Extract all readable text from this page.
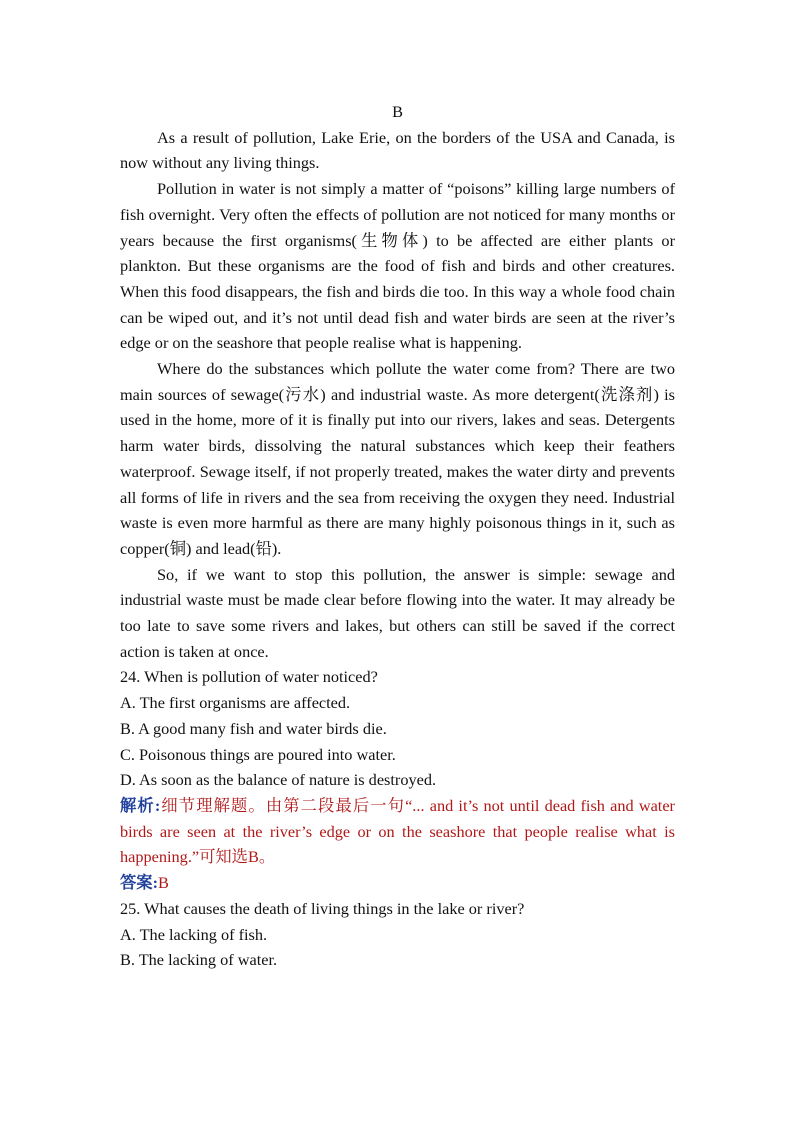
B

As a result of pollution, Lake Erie, on the borders of the USA and Canada, is now without any living things.

Pollution in water is not simply a matter of “poisons” killing large numbers of fish overnight. Very often the effects of pollution are not noticed for many months or years because the first organisms(生物体) to be affected are either plants or plankton. But these organisms are the food of fish and birds and other creatures. When this food disappears, the fish and birds die too. In this way a whole food chain can be wiped out, and it’s not until dead fish and water birds are seen at the river’s edge or on the seashore that people realise what is happening.

Where do the substances which pollute the water come from? There are two main sources of sewage(污水) and industrial waste. As more detergent(洗涤剂) is used in the home, more of it is finally put into our rivers, lakes and seas. Detergents harm water birds, dissolving the natural substances which keep their feathers waterproof. Sewage itself, if not properly treated, makes the water dirty and prevents all forms of life in rivers and the sea from receiving the oxygen they need. Industrial waste is even more harmful as there are many highly poisonous things in it, such as copper(铜) and lead(铅).

So, if we want to stop this pollution, the answer is simple: sewage and industrial waste must be made clear before flowing into the water. It may already be too late to save some rivers and lakes, but others can still be saved if the correct action is taken at once.

24. When is pollution of water noticed?

A. The first organisms are affected.

B. A good many fish and water birds die.

C. Poisonous things are poured into water.

D. As soon as the balance of nature is destroyed.

解析:细节理解题。由第二段最后一句“... and it’s not until dead fish and water birds are seen at the river’s edge or on the seashore that people realise what is happening.”可知选B。

答案:B

25. What causes the death of living things in the lake or river?

A. The lacking of fish.

B. The lacking of water.
